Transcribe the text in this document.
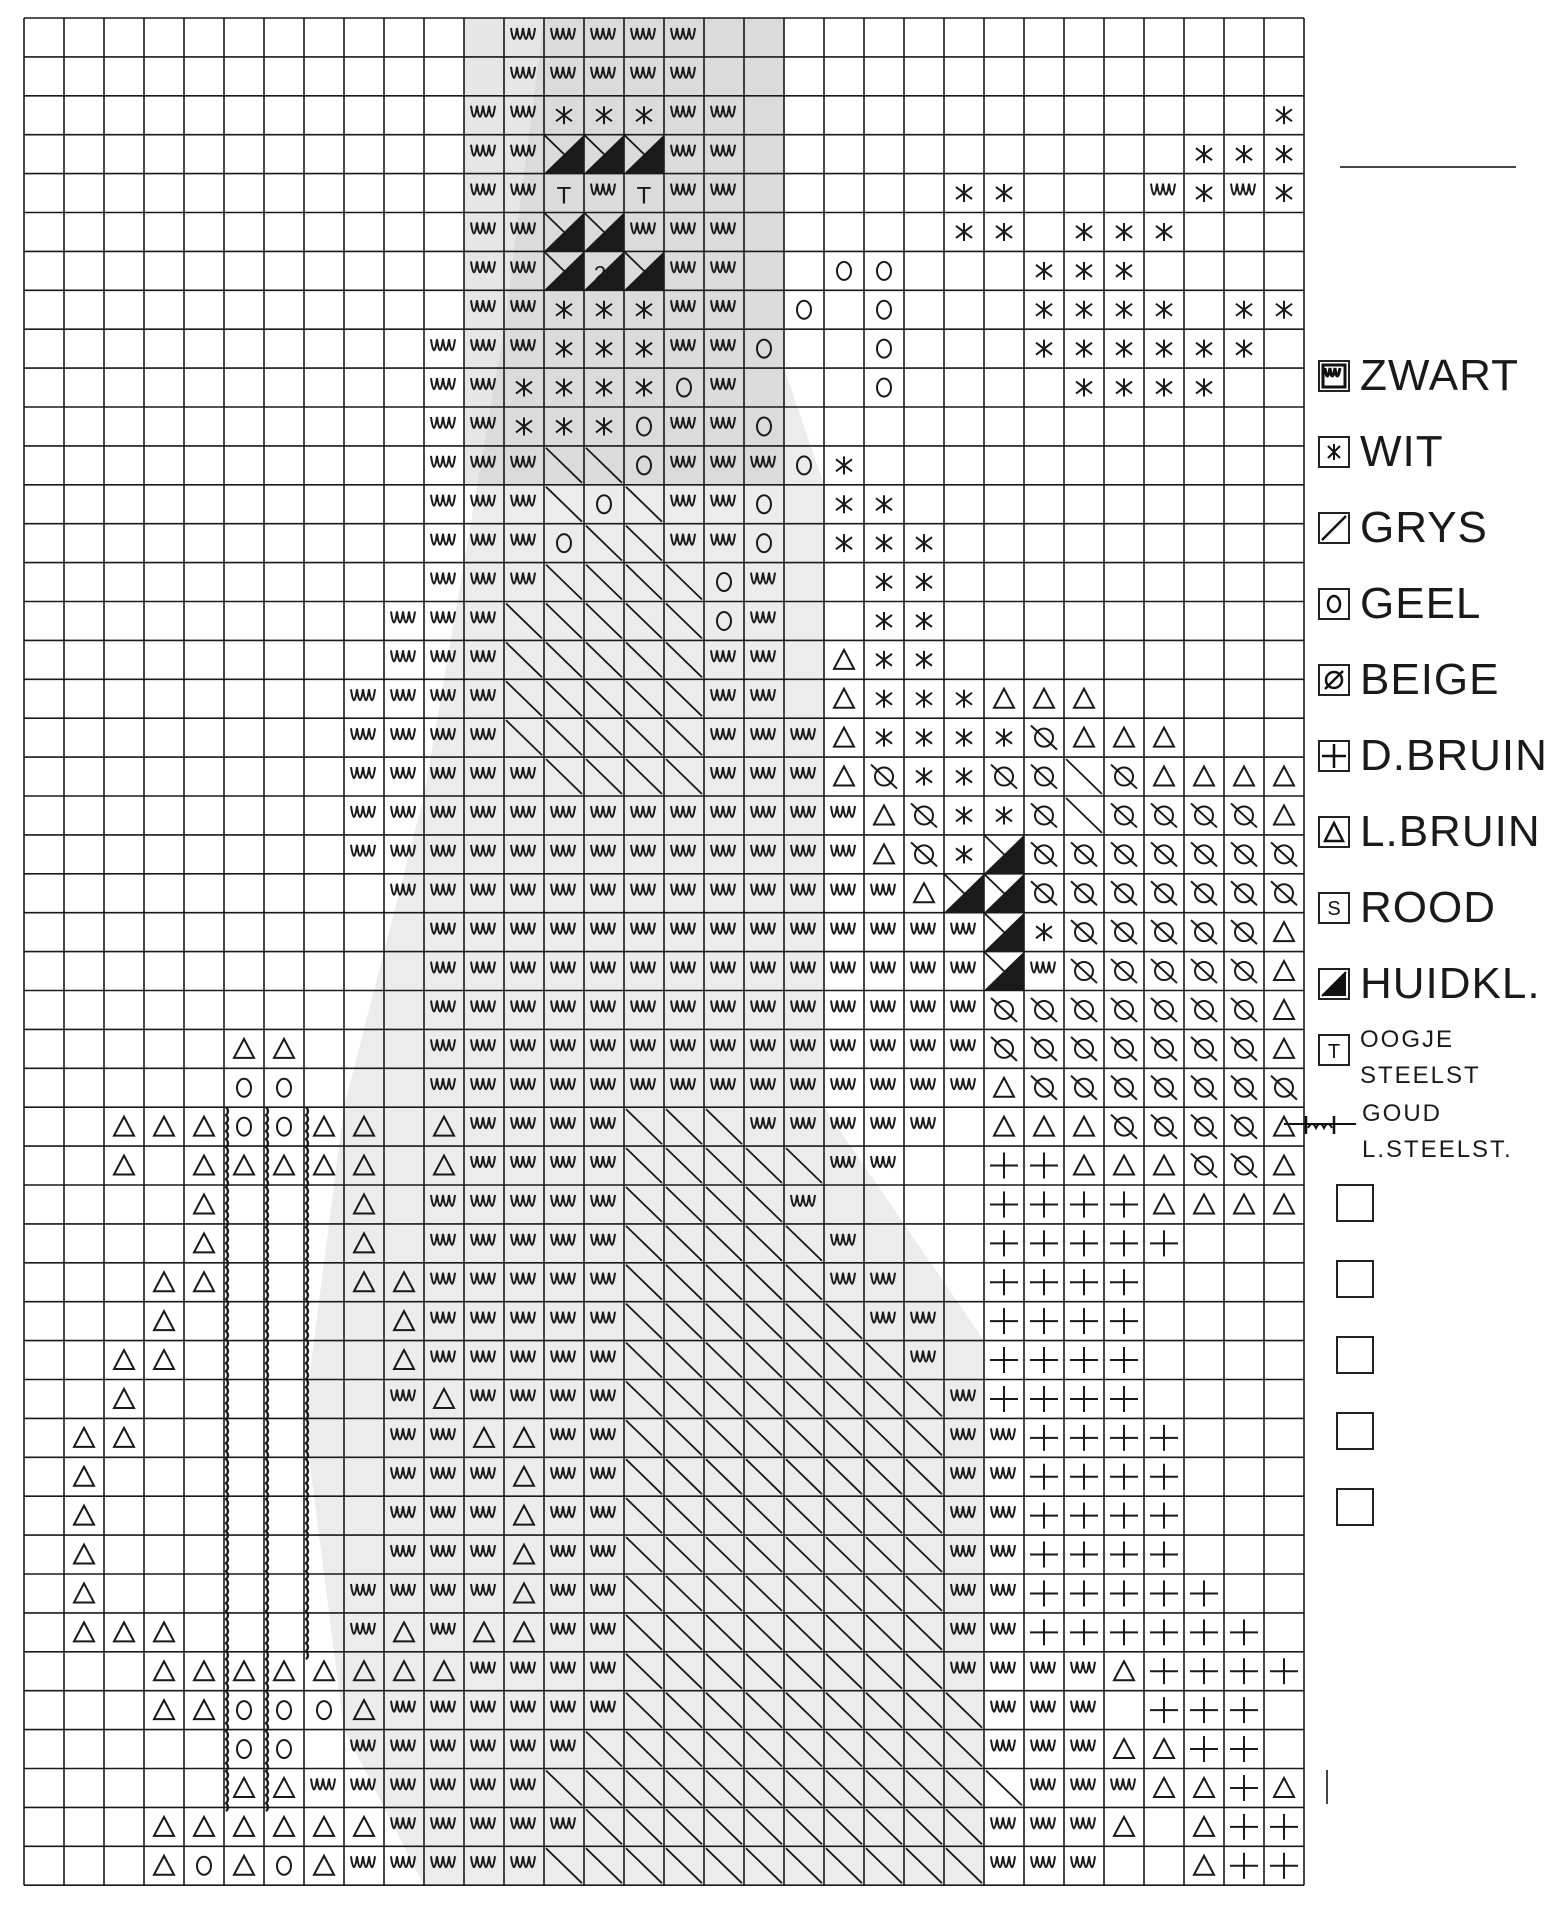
T	T
2
ZWART
WIT
GRYS
GEEL
BEIGE
D.BRUIN
L.BRUIN
S ROOD
HUIDKL.
T OOGJE
STEELST
GOUD
L.STEELST.
